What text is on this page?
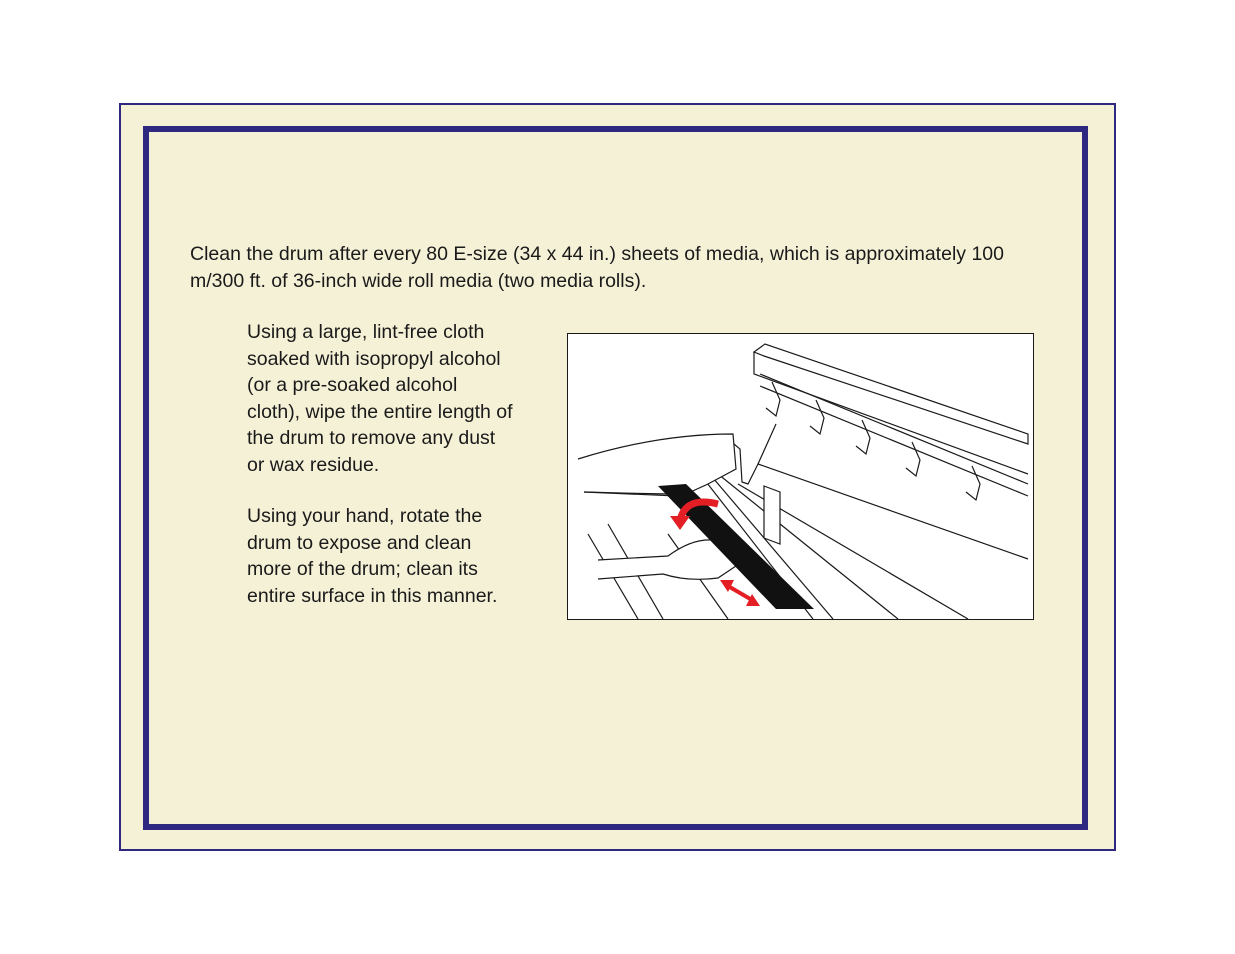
Clean the drum after every 80 E-size (34 x 44 in.) sheets of media, which is approximately 100 m/300 ft. of 36-inch wide roll media (two media rolls).

Using a large, lint-free cloth
soaked with isopropyl alcohol
(or a pre-soaked alcohol
cloth), wipe the entire length of
the drum to remove any dust
or wax residue.

Using your hand, rotate the
drum to expose and clean
more of the drum; clean its
entire surface in this manner.
